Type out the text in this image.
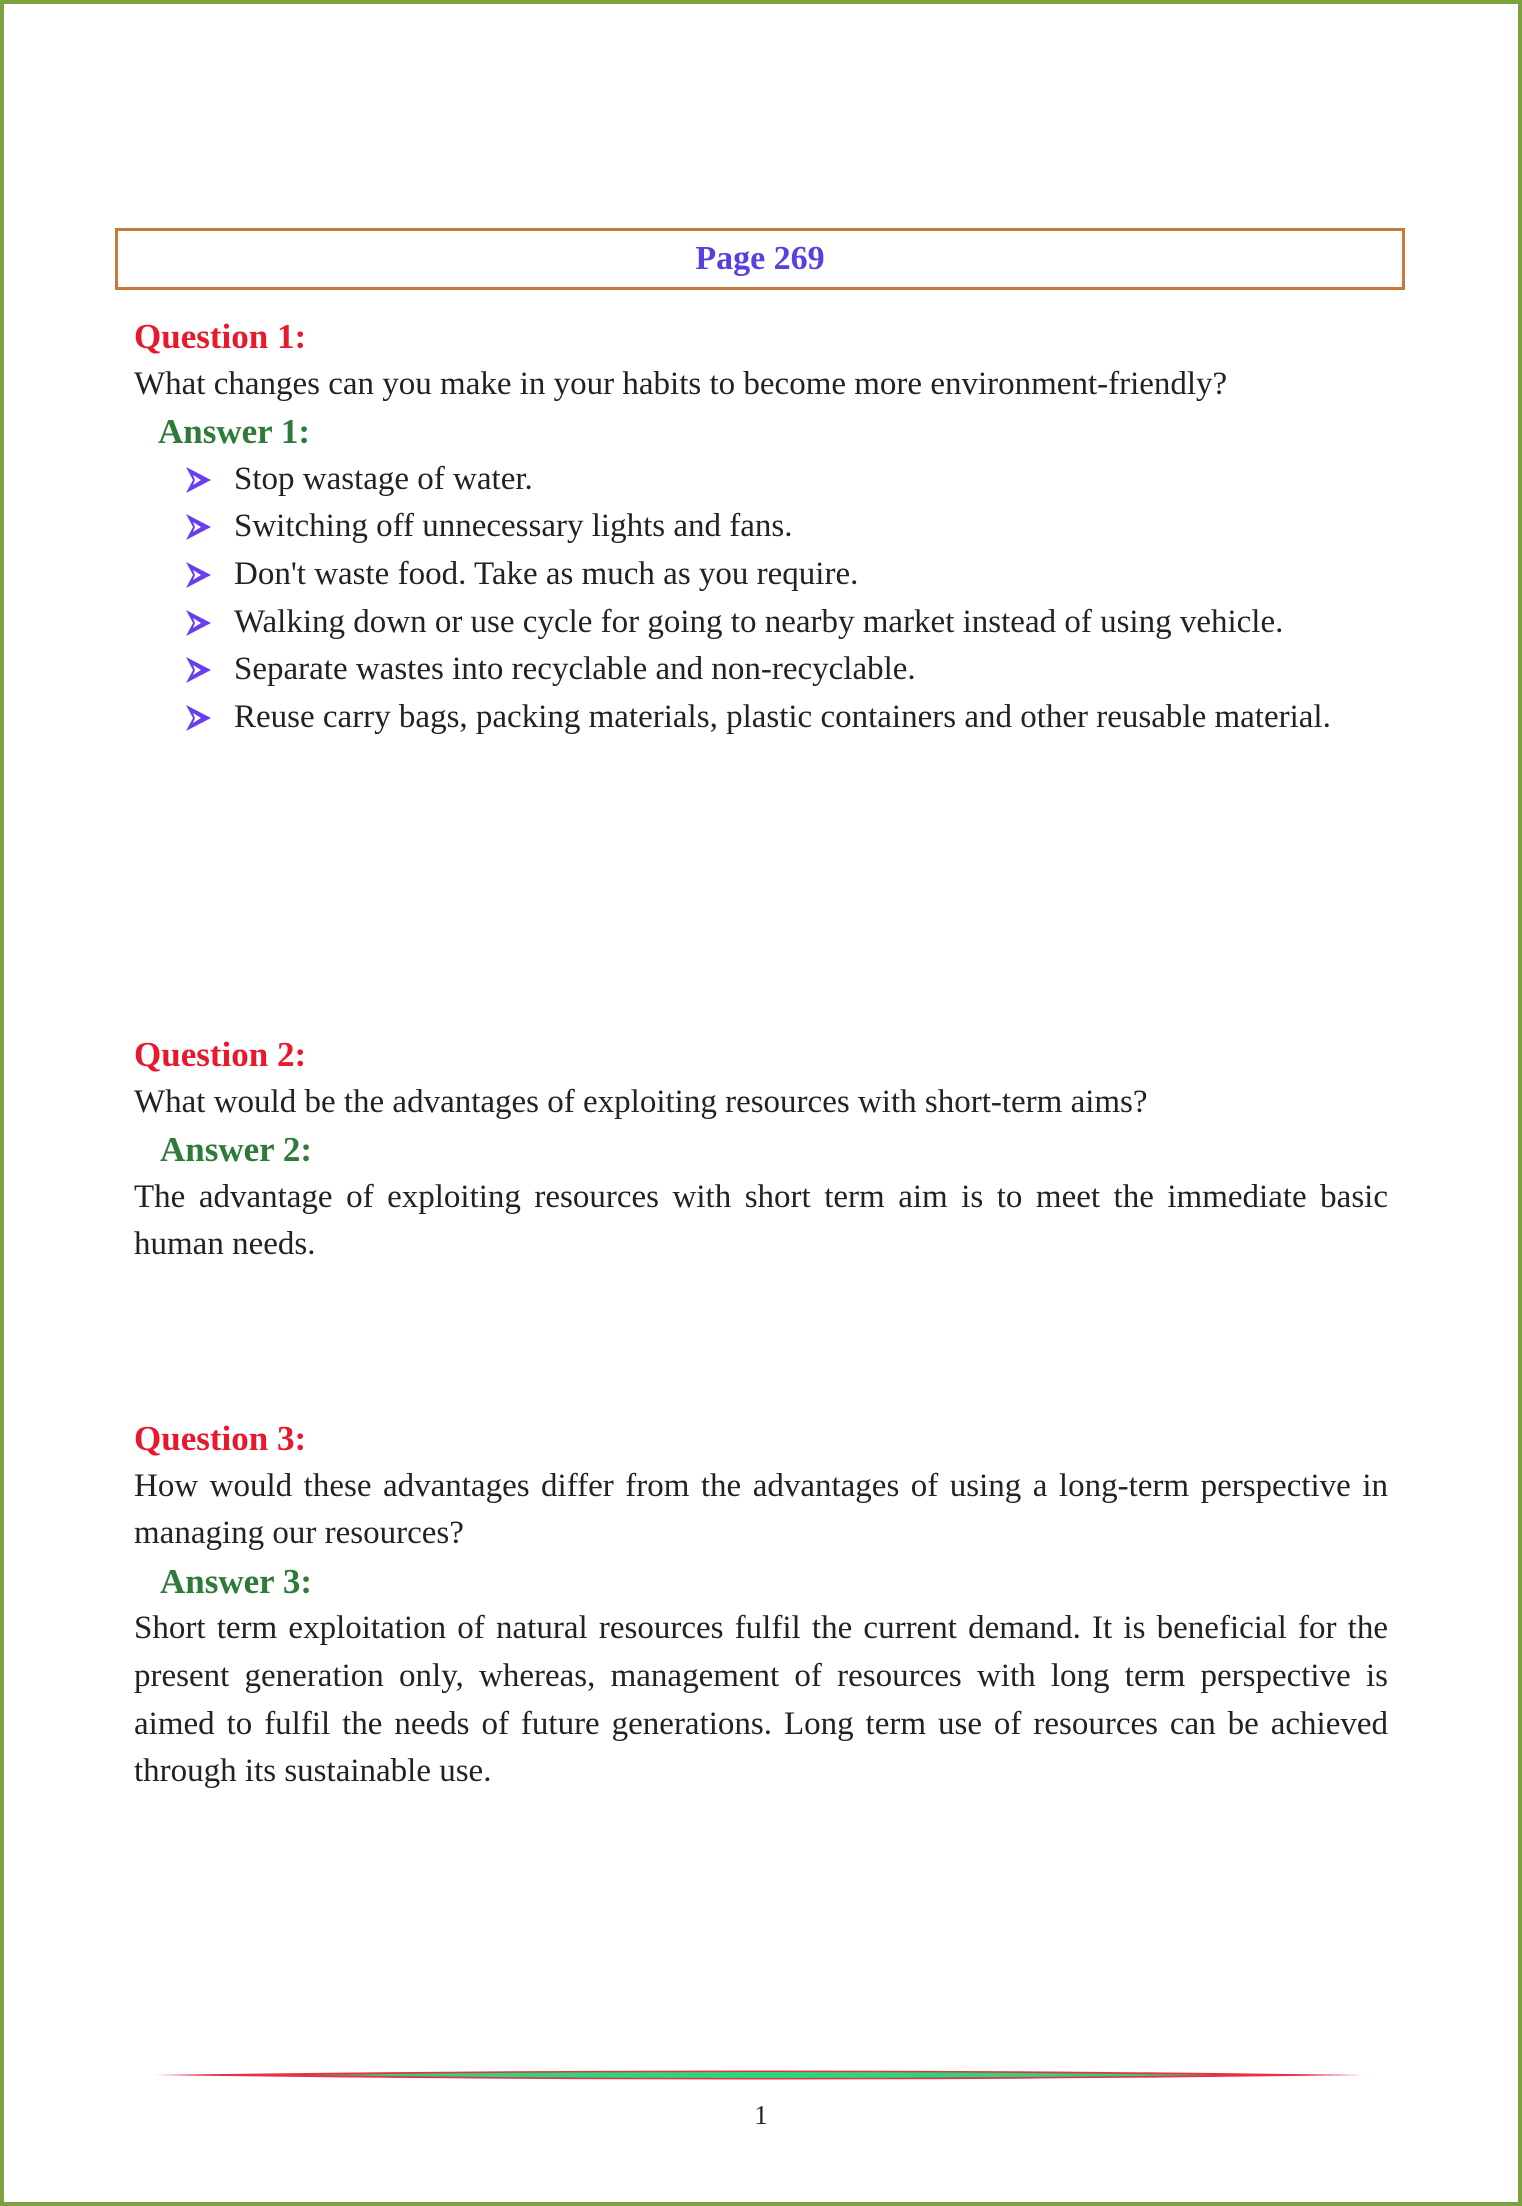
Page 269
Question 1:
What changes can you make in your habits to become more environment-friendly?
Answer 1:
Stop wastage of water.
Switching off unnecessary lights and fans.
Don't waste food. Take as much as you require.
Walking down or use cycle for going to nearby market instead of using vehicle.
Separate wastes into recyclable and non-recyclable.
Reuse carry bags, packing materials, plastic containers and other reusable material.
Question 2:
What would be the advantages of exploiting resources with short-term aims?
Answer 2:
The advantage of exploiting resources with short term aim is to meet the immediate basic human needs.
Question 3:
How would these advantages differ from the advantages of using a long-term perspective in managing our resources?
Answer 3:
Short term exploitation of natural resources fulfil the current demand. It is beneficial for the present generation only, whereas, management of resources with long term perspective is aimed to fulfil the needs of future generations. Long term use of resources can be achieved through its sustainable use.
1
